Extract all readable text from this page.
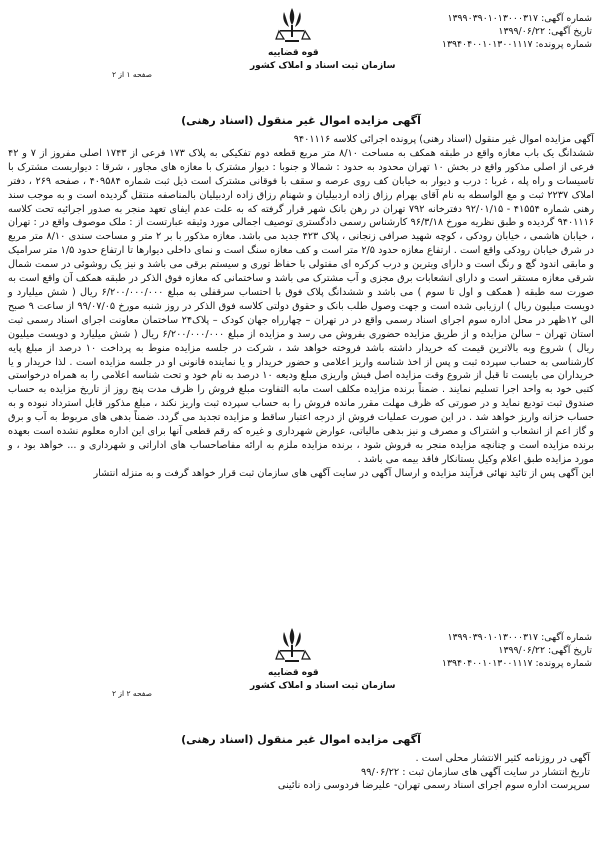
شماره آگهی: ۱۳۹۹۰۳۹۰۱۰۱۳۰۰۰۳۱۷
تاریخ آگهی: ۱۳۹۹/۰۶/۲۲
شماره پرونده: ۱۳۹۴۰۴۰۰۱۰۱۳۰۰۱۱۱۷
قوه قضاییه
سازمان ثبت اسناد و املاک کشور
صفحه ۱ از ۲
آگهی مزایده اموال غیر منقول (اسناد رهنی)

آگهی مزایده اموال غیر منقول (اسناد رهنی) پرونده اجرائی کلاسه ۹۴۰۱۱۱۶

ششدانگ یک باب مغازه واقع در طبقه همکف به مساحت ۸/۱۰ متر مربع قطعه دوم تفکیکی به پلاک ۱۷۳ فرعی از ۱۷۴۳ اصلی مفروز از ۷ و ۴۲ فرعی از اصلی مذکور واقع در بخش ۱۰ تهران محدود به حدود : شمالا و جنوبا : دیوار مشترک با مغازه های مجاور ، شرقا : دیواربست مشترک با تاسیسات و راه پله ، غربا : درب و دیوار به خیابان کف روی عرصه و سقف با فوقانی مشترک است ذیل ثبت شماره ۴۰۹۵۸۴ ، صفحه ۲۶۹ ، دفتر املاک ۲۲۳۷ ثبت و مع الواسطه به نام آقای بهرام رزاق زاده اردبیلیان و شهنام رزاق زاده اردبیلیان بالمناصفه منتقل گردیده است و به موجب سند رهنی شماره ۴۱۵۵۴ - ۹۲/۰۱/۱۵ دفترخانه ۷۹۲ تهران در رهن بانک شهر قرار گرفته که به علت عدم ایفای تعهد منجر به صدور اجرائیه تحت کلاسه ۹۴۰۱۱۱۶ گردیده و طبق نظریه مورخ ۹۶/۳/۱۸ کارشناس رسمی دادگستری توصیف اجمالی مورد وثیقه عبارتست از : ملک موصوف واقع در : تهران ، خیابان هاشمی ، خیابان رودکی ، کوچه شهید صرافی زنجانی ، پلاک ۴۲۳ جدید می باشد. مغازه مذکور با بر ۲ متر و مساحت سندی ۸/۱۰ متر مربع در شرق خیابان رودکی واقع است . ارتفاع مغازه حدود ۲/۵ متر است و کف مغازه سنگ است و نمای داخلی دیوارها تا ارتفاع حدود ۱/۵ متر سرامیک و مابقی اندود گچ و رنگ است و دارای ویترین و درب کرکره ای مفتولی با حفاظ توری و سیستم برقی می باشد و نیز یک روشوئی در سمت شمال شرقی مغازه مستقر است و دارای انشعابات برق مجزی و آب مشترک می باشد و ساختمانی که مغازه فوق الذکر در طبقه همکف آن واقع است به صورت سه طبقه ( همکف و اول تا سوم ) می باشد و ششدانگ پلاک فوق با احتساب سرقفلی به مبلغ ۶/۲۰۰/۰۰۰/۰۰۰ ریال ( شش میلیارد و دویست میلیون ریال ) ارزیابی شده است و جهت وصول طلب بانک و حقوق دولتی کلاسه فوق الذکر در روز شنبه مورخ ۹۹/۰۷/۰۵ از ساعت ۹ صبح الی ۱۲ظهر در محل اداره سوم اجرای اسناد رسمی واقع در در تهران – چهارراه جهان کودک – پلاک۲۴ ساختمان معاونت اجرای اسناد رسمی ثبت استان تهران – سالن مزایده و از طریق مزایده حضوری بفروش می رسد و مزایده از مبلغ ۶/۲۰۰/۰۰۰/۰۰۰ ریال ( شش میلیارد و دویست میلیون ریال ) شروع وبه بالاترین قیمت که خریدار داشته باشد فروخته خواهد شد ، شرکت در جلسه مزایده منوط به پرداخت ۱۰ درصد از مبلغ پایه کارشناسی به حساب سپرده ثبت و پس از اخذ شناسه واریز اعلامی و حضور خریدار و یا نماینده قانونی او در جلسه مزایده است . لذا خریدار و یا خریداران می بایست تا قبل از شروع وقت مزایده اصل فیش واریزی مبلغ ودیعه ۱۰ درصد به نام خود و تحت شناسه اعلامی را به همراه درخواستی کتبی خود به واحد اجرا تسلیم نمایند . ضمناً برنده مزایده مکلف است مابه التفاوت مبلغ فروش را ظرف مدت پنج روز از تاریخ مزایده به حساب صندوق ثبت تودیع نماید و در صورتی که ظرف مهلت مقرر مانده فروش را به حساب سپرده ثبت واریز نکند ، مبلغ مذکور قابل استرداد نبوده و به حساب خزانه واریز خواهد شد . در این صورت عملیات فروش از درجه اعتبار ساقط و مزایده تجدید می گردد. ضمناً بدهی های مربوط به آب و برق و گاز اعم از انشعاب و اشتراک و مصرف و نیز بدهی مالیاتی، عوارض شهرداری و غیره که رقم قطعی آنها برای این اداره معلوم نشده است بعهده برنده مزایده است و چنانچه مزایده منجر به فروش شود ، برنده مزایده ملزم به ارائه مفاصاحساب های اداراتی و شهرداری و ... خواهد بود ، و مورد مزایده طبق اعلام وکیل بستانکار فاقد بیمه می باشد .

این آگهی پس از تائید نهائی فرآیند مزایده و ارسال آگهی در سایت آگهی های سازمان ثبت قرار خواهد گرفت و به منزله انتشار

شماره آگهی: ۱۳۹۹۰۳۹۰۱۰۱۳۰۰۰۳۱۷
تاریخ آگهی: ۱۳۹۹/۰۶/۲۲
شماره پرونده: ۱۳۹۴۰۴۰۰۱۰۱۳۰۰۱۱۱۷
قوه قضاییه
سازمان ثبت اسناد و املاک کشور
صفحه ۲ از ۲
آگهی مزایده اموال غیر منقول (اسناد رهنی)

آگهی در روزنامه کثیر الانتشار محلی است .

تاریخ انتشار در سایت آگهی های سازمان ثبت : ۹۹/۰۶/۲۲

سرپرست اداره سوم اجرای اسناد رسمی تهران- علیرضا فردوسی زاده نائینی
